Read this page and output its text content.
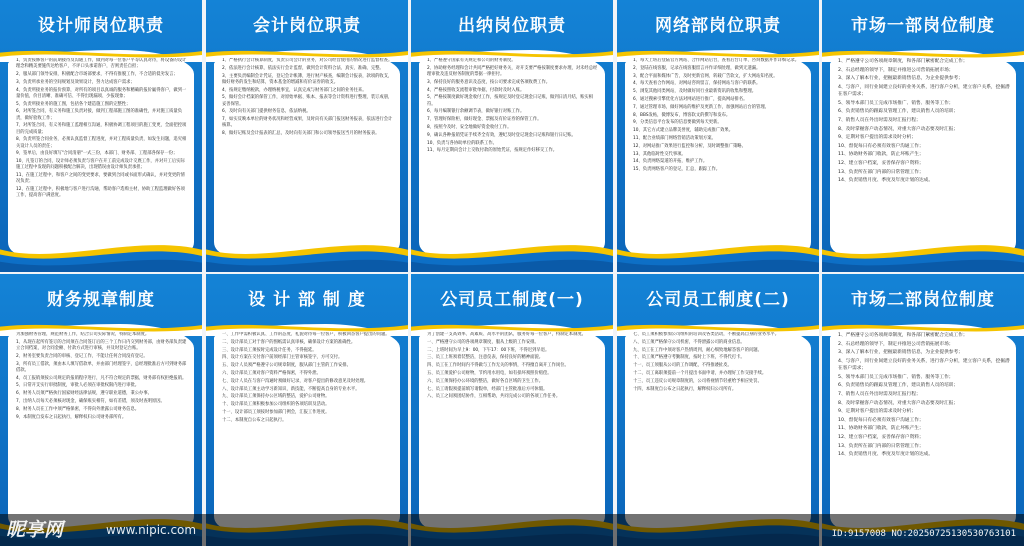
设计师岗位职责

1、负责按修客户的前期接待及沟通工作，做到对每一位客户平等认真对待，将设备的设计理念和精美要施传达给客户，不评口头承诺客户，否则责任自担；

2、服从部门领导安排，积极配合市场部要求，不得有推脱工作，不合适的低劣发言；

3、负责所承业务的空间规划及效果设计，努力达成客户需求；

4、负责所接业务的报价预算，对所有的项目以真诚的服务和精确的报价赢得客户，做到一量价值，价目清晰、准确可信、不得出现漏项、少报现象；

5、负责所接业务的施工图，包括各个建造施工图的完整性；

6、对所签合同，有义务和施工负责对接，做到工程部施工图的准确性，并对施工质量负责，做好验收工作；

7、对所签合同，有义务和施工监理相互沟通，积极协调工程项目的施工变更，全面把控项目的完成质量；

8、负责所签合同业务，必须认真监督工程进度，并对工程质量负责，如发生问题，追究相关设计人员的责任；

9、签单后，由良好填写"合同清册"一式三份，本部门、财务部、工程部各保存一份；

10、凡签订的合同，设计师必须负责与客户在开工前完成设计交底工作，并对开工后实际施工过程中发现的问题积极配合解决，出现错误由设计师负责承担；

11、在施工过程中，和客户之间的变更要求，要做到合同或书面形式确认，并对变更的情况负责；

12、在施工过程中，积极地与客户进行沟通，帮助客户选购主材，协助工程监理做好各项工作，提高客户满意度。

会计岗位职责

1、严格执行会计核算制度，负责公司会计的业务，对公司经营使用的情况进行监督检查。

2、依法进行会计核算，依法实行会计监督，做到会计资料合法、真实、准确、完整。

3、主要负责编制会计凭证，登记会计帐簿，进行财产核查，编制会计报表，款项的收支，做好财务的发生和结算，资本基金的增减和有价证券的收支。

4、按规定缴纳税款，办理纳税事宜，认真完成与财务部门之间的业务往来。

5、做好会计档案的保管工作，对原始单据、账本、报表等会计资料进行整理，装订成册，妥善保管。

6、及时向有关部门提供财务信息，依法纳税。

7、如实反映本单位的财务状况和经营成果，及时向有关部门报送财务报表，依法进行会计核算。

8、做好记账及会计报表的汇总，及时向有关部门和公司领导报送当月的财务报表。

出纳岗位职责

1、严格遵守国家有关规定和公司的财务制度。

2、协助财务经理和会计共同严格把好财务关，对开支要严格按制度要求办理，对未经总经理审批及违反财务制度的票据一律拒付。

3、保持良好的服务意识及态度，按公司要求完成各项收费工作。

4、严格按照收支流程审批单据，付款时及时入账。

5、严格按制度做好现金收付工作，按规定及时登记现金日记账，做到日清月结，账实相符。

6、每月编制银行余额调节表，做好银行对账工作。

7、管理好保险柜，做好现金、票据及有价证券的保管工作。

8、按照今及时、安全地做好资金收付工作。

9、确认各种报销凭证手续齐全有效，遵纪及时登记现金日记账和银行日记账。

10、负责与各协助单位的联系工作。

11、每月定期向会计上交收付款的原始凭证，按规定作好移交工作。

网络部岗位职责

1、每天上班后登陆官方网站、合作网站后台，查看后台订单、咨询数据并作详细记录。

2、登陆在线客服，记录在线客服留言并作详细处理，做到无遗漏。

3、配合平面和媒体广告，及时更新官网、转载广告软文，扩大网站知名度。

4、每天查看合作网站，对网站咨询留言、保持网站与客户的联系。

5、浏览其他同类网站，及时做好同行业最新资讯的收集和整理。

6、通过搜索引擎优化方法对网站进行推广，提高网站排名。

7、通过管理市场，做好网站的维护及更新工作，加强网站后台的管理。

8、BBS发帖，微博发布，博客软文的撰写和发布。

9、分类信息平台发布的信息要做到每天更新。

10、其它方式建立品牌美誉度，辅助完成推广效果。

11、配合业绩部门网络营销活动策划方案。

12、对网站推广效果进行监控和分析，及时调整推广策略。

13、其他临时性交代事项。

14、负责网络渠道的开拓，维护工作。

15、负责网络客户的登记，汇总，跟踪工作。

市场一部岗位制度

1、严格遵守公司各项规章制度，和各部门紧密配合完成工作；

2、石总经理的领导下，制定并推进公司营销拓展市场；

3、深入了解本行业，把握最新销售信息，为企业提供参考；

4、与客户，同行业间建立良好的业务关系，进行客户分析，建立客户关系，挖掘潜在客户需求；

5、领导本部门员工完成市场推广、销售、服务等工作；

6、负责销售员的跟踪及管理工作，建议销售人员的培训；

7、销售人员在外出时需及时汇报行程；

8、及时掌握客户动态情况，对重大客户动态要及时汇报；

9、定期对客户提出的需求及时分析；

10、督促每日有必须有效客户沟通工作；

11、协助财务部门收款，防止坏账产生；

12、建立客户档案，妥善保存客户资料；

13、负责所在部门内部的日常管理工作；

14、负责销售月度、季度及年度计划的达成。

财务规章制度

为加强财务管理，规范财务工作，结合公司实际情况，特制定本制度。

1、从现在起所有签订的合同须在合同签订后的三个工作日内交到财务部，由财务部负责建立合同档案，对合同金额、付款方式进行审核，并及时登记台账。

2、财务室要负责合同的审核、登记工作，不能让任何合同没有登记。

3、所有员工借款，须由本人填写借款单，并由部门经理签字，总经理批准后方可到财务部借款。

4、员工报销须按公司规定的报销程序进行，凡不符合规定的票据，财务部有权拒绝报销。

5、日常开支实行审批制度，审批人必须在审批权限内进行审批。

6、财务人员须严格执行国家财经法律法规，遵守职业道德，秉公办事。

7、出纳人员每天必须核对现金，确保账实相符，如有差错，须及时查明原因。

8、财务人员在工作中须严格保密，不得向外泄露公司财务信息。

9、本制度自发布之日起执行，解释权归公司财务部所有。

设 计 部 制 度

一、工作中需积极认真、工作的态度、礼貌对待每一位客户，积极回答客户提出的问题。

二、设计部员工对于客户的图纸需认真审核，确保设计方案的准确性。

三、设计部员工须按时完成设计任务，不得拖延。

四、设计方案在交付客户前须经部门主管审核签字，方可交付。

五、设计人员须严格遵守公司规章制度，服从部门主管的工作安排。

六、设计部员工须对客户资料严格保密，不得外泄。

七、设计人员在与客户沟通时须做好记录，对客户提出的修改意见及时处理。

八、设计部员工须主动学习新知识、新技能，不断提高自身的专业水平。

九、设计部员工须保持办公区域的整洁，爱护公司财物。

十、设计部员工须积极参加公司组织的各项培训及活动。

十一、设计部员工须按时参加部门例会，汇报工作进度。

十二、本制度自公布之日起执行。

公司员工制度(一)

为了创建一支高效率、高素质、高水平的团队，服务好每一位客户，特制定本制度。

一、严格遵守公司的各项规章制度，服从上级的工作安排。

二、上班时间为早上9：00，下午17：00下班，不得迟到早退。

三、员工上班须着装整洁，注意仪表，保持良好的精神面貌。

四、员工在工作时间内不得做与工作无关的事情，不得擅自离开工作岗位。

五、员工须爱护公司财物，节约用水用电，如有损坏须照价赔偿。

六、员工须保持办公环境的整洁，做好各自区域的卫生工作。

七、员工请假须提前填写请假单，经部门主管批准后方可休假。

八、员工之间须团结协作，互相帮助，共同完成公司的各项工作任务。

公司员工制度(二)

七、员工须积极参加公司组织的培训及各类活动，不断提高自身的业务水平。

八、员工须严格保守公司机密，不得泄露公司的商业信息。

九、员工在工作中须对客户热情周到，耐心细致地解答客户的问题。

十、员工须严格遵守考勤制度，按时上下班，不得代打卡。

十一、员工须服从公司的工作调配，不得推诿扯皮。

十二、员工离职须提前一个月提出书面申请，并办理好工作交接手续。

十三、员工违反公司规章制度的，公司将视情节轻重给予相应处罚。

十四、本制度自公布之日起执行，解释权归公司所有。

市场二部岗位制度

1、严格遵守公司各项规章制度，和各部门紧密配合完成工作；

2、石总经理的领导下，制定并推进公司营销拓展市场；

3、深入了解本行业，把握最新销售信息，为企业提供参考；

4、与客户，同行业间建立良好的业务关系，进行客户分析，建立客户关系，挖掘潜在客户需求；

5、领导本部门员工完成市场推广、销售、服务等工作；

6、负责销售员的跟踪及管理工作，建议销售人员的培训；

7、销售人员在外出时需及时汇报行程；

8、及时掌握客户动态情况，对重大客户动态要及时汇报；

9、定期对客户提出的需求及时分析；

10、督促每日有必须有效客户沟通工作；

11、协助财务部门收款，防止坏账产生；

12、建立客户档案，妥善保存客户资料；

13、负责所在部门内部的日常管理工作；

14、负责销售月度、季度及年度计划的达成。

昵享网	www.nipic.com	ID:9157008 NO:20250725130530763101
